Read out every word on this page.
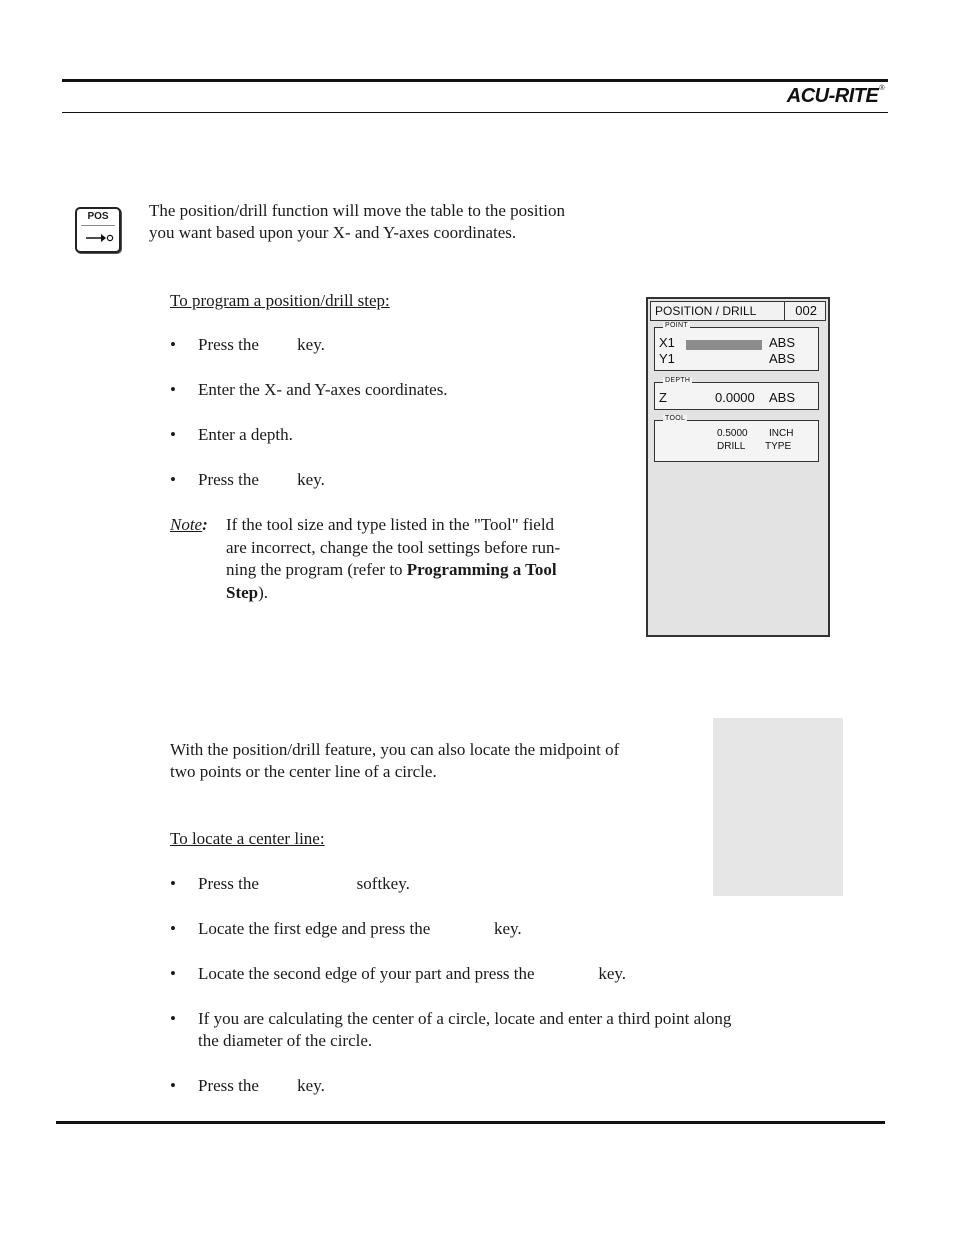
ACU-RITE®
POS	The position/drill function will move the table to the position
you want based upon your X- and Y-axes coordinates.
To program a position/drill step:
• Press the         key.
• Enter the X- and Y-axes coordinates.
• Enter a depth.
• Press the         key.
Note: If the tool size and type listed in the "Tool" field
are incorrect, change the tool settings before run-
ning the program (refer to Programming a Tool
Step).
POSITION / DRILL	002
POINT
X1	ABS
Y1	ABS
DEPTH
Z	0.0000 ABS
TOOL
0.5000 INCH
DRILL TYPE
With the position/drill feature, you can also locate the midpoint of
two points or the center line of a circle.
To locate a center line:
• Press the                       softkey.
• Locate the first edge and press the               key.
• Locate the second edge of your part and press the               key.
• If you are calculating the center of a circle, locate and enter a third point along
the diameter of the circle.
• Press the         key.
